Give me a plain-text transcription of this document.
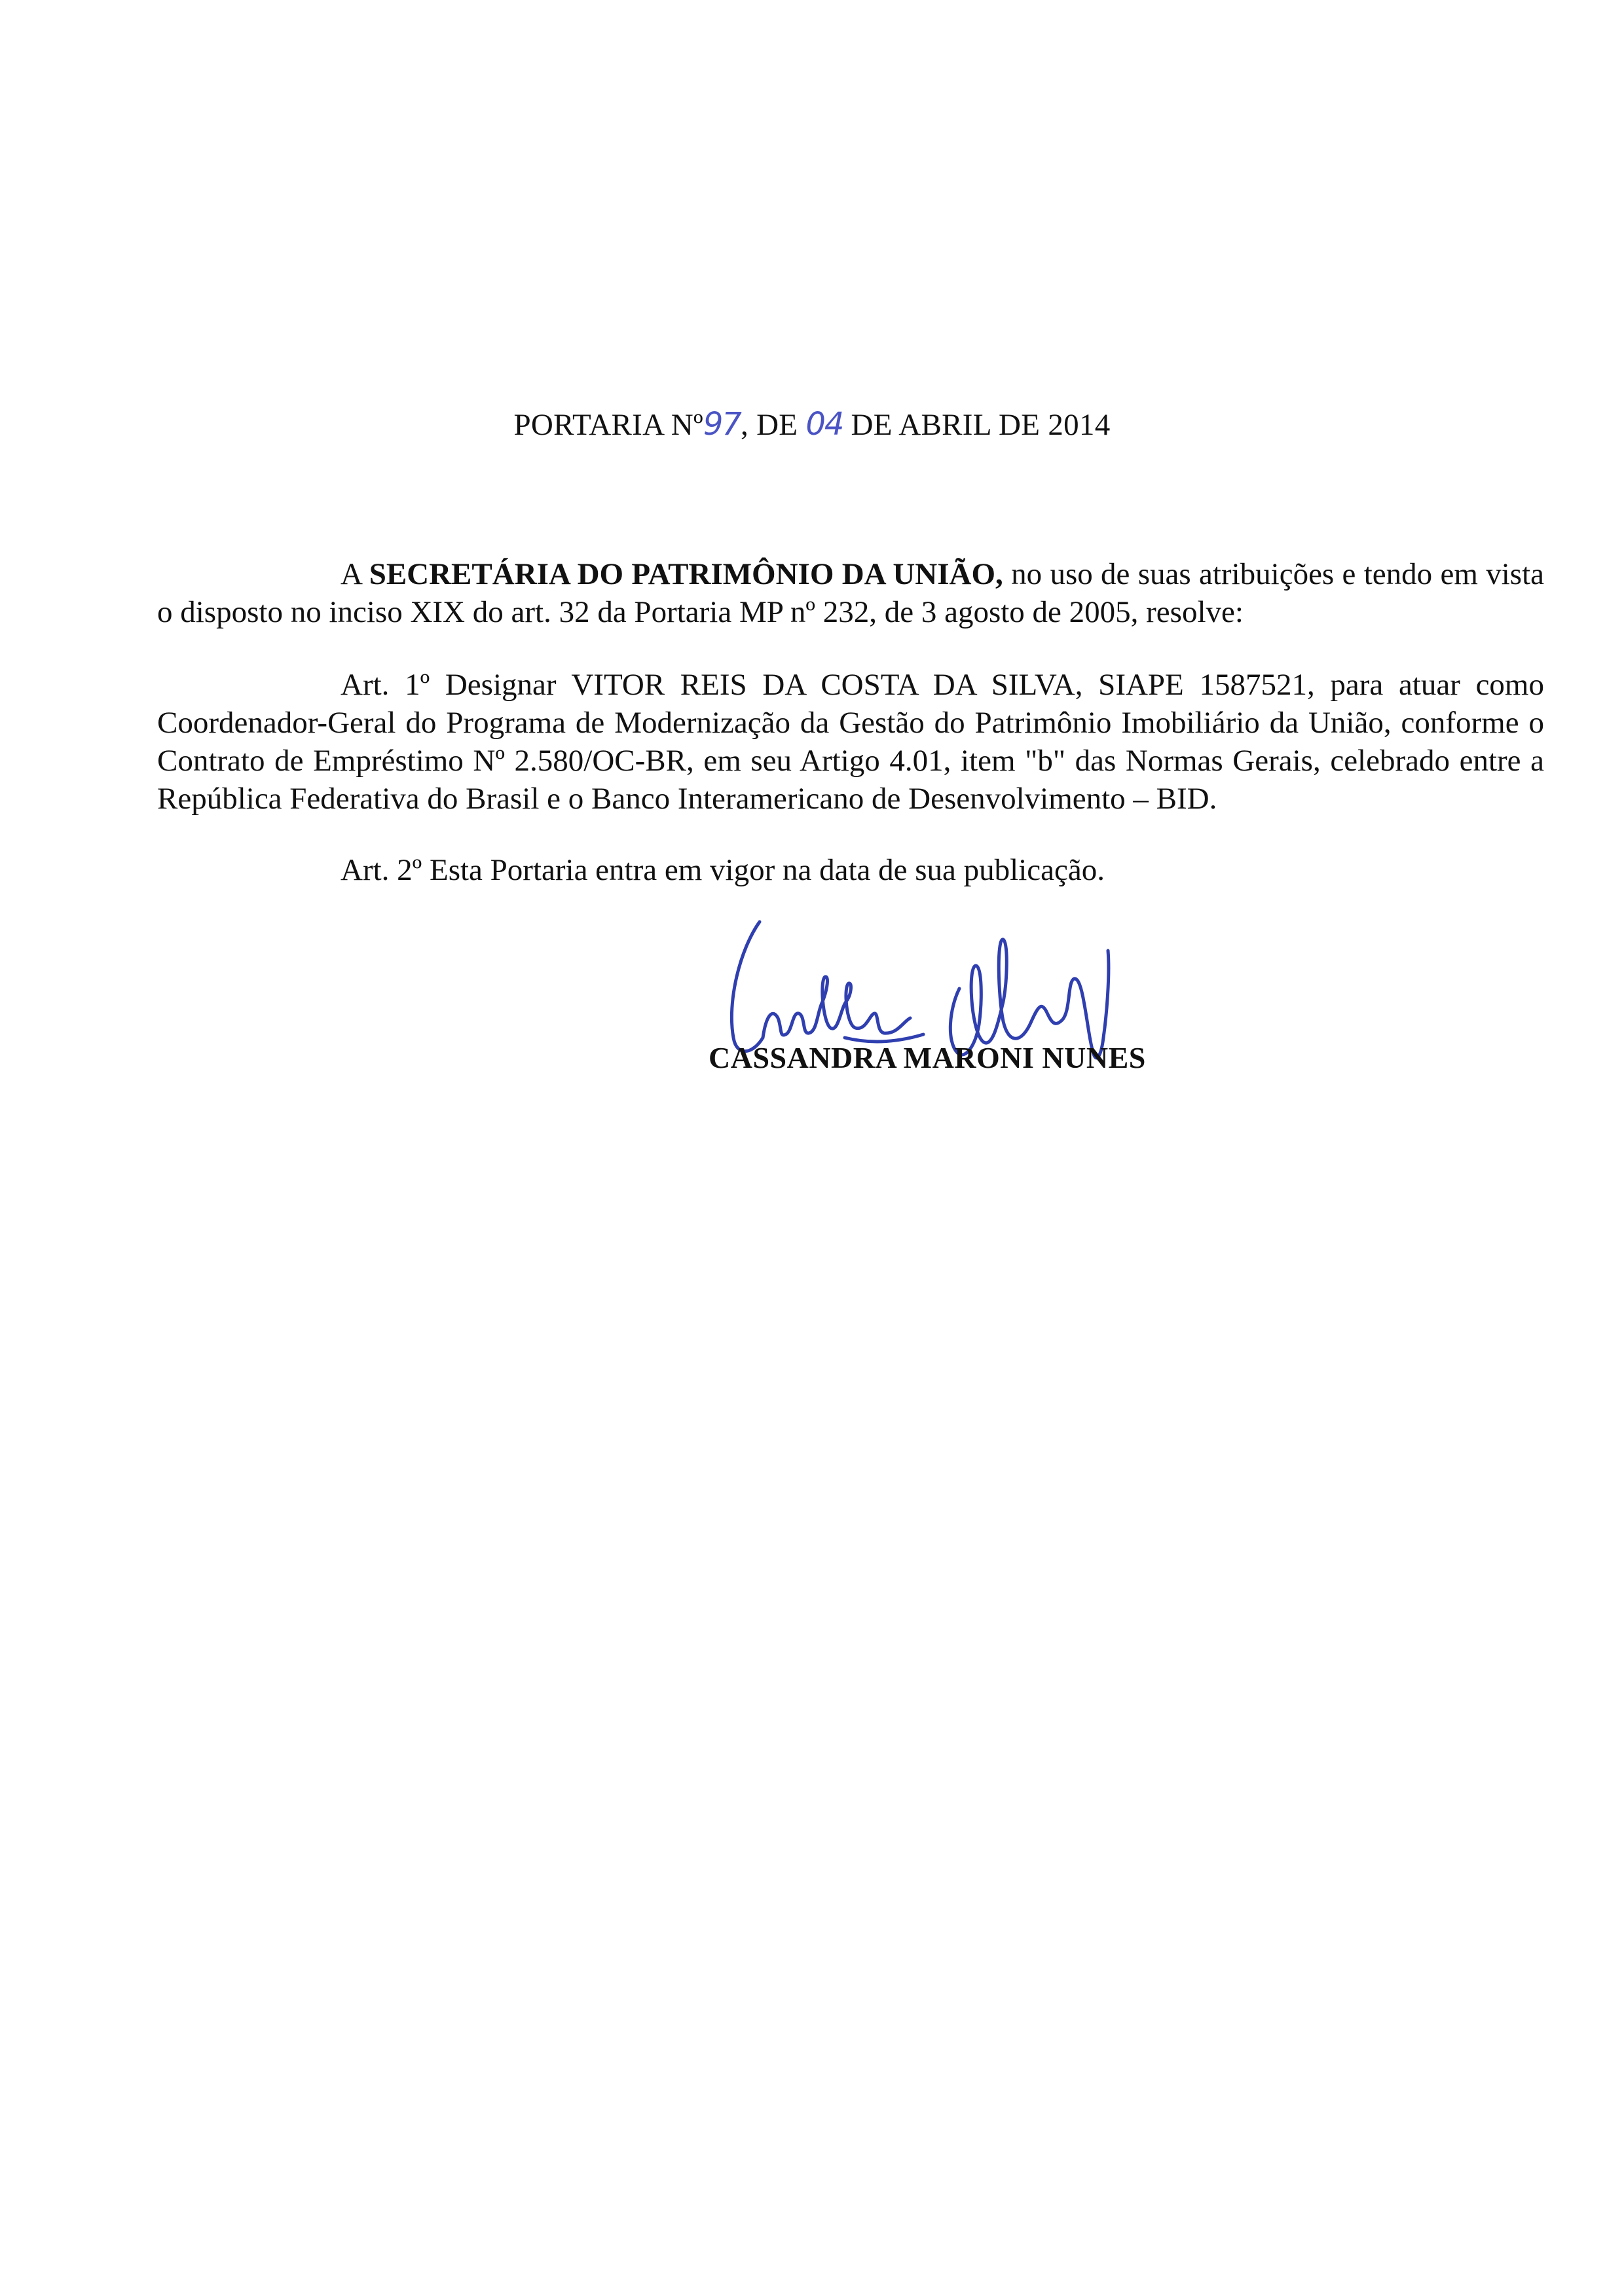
PORTARIA Nº97, DE 04 DE ABRIL DE 2014

A SECRETÁRIA DO PATRIMÔNIO DA UNIÃO, no uso de suas atribuições e tendo em vista o disposto no inciso XIX do art. 32 da Portaria MP nº 232, de 3 agosto de 2005, resolve:

Art. 1º Designar VITOR REIS DA COSTA DA SILVA, SIAPE 1587521, para atuar como Coordenador-Geral do Programa de Modernização da Gestão do Patrimônio Imobiliário da União, conforme o Contrato de Empréstimo Nº 2.580/OC-BR, em seu Artigo 4.01, item "b" das Normas Gerais, celebrado entre a República Federativa do Brasil e o Banco Interamericano de Desenvolvimento – BID.

Art. 2º Esta Portaria entra em vigor na data de sua publicação.

CASSANDRA MARONI NUNES
